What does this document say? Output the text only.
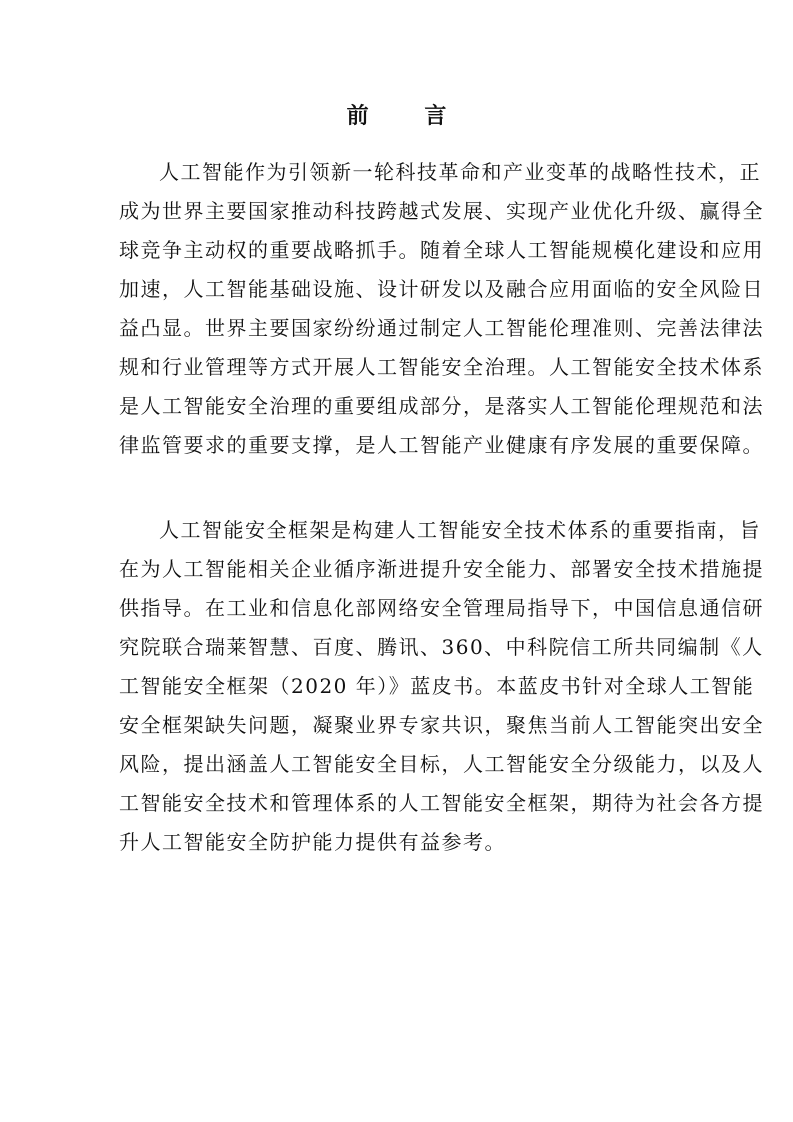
前 言
人工智能作为引领新一轮科技革命和产业变革的战略性技术，正
成为世界主要国家推动科技跨越式发展、实现产业优化升级、赢得全
球竞争主动权的重要战略抓手。随着全球人工智能规模化建设和应用
加速，人工智能基础设施、设计研发以及融合应用面临的安全风险日
益凸显。世界主要国家纷纷通过制定人工智能伦理准则、完善法律法
规和行业管理等方式开展人工智能安全治理。人工智能安全技术体系
是人工智能安全治理的重要组成部分，是落实人工智能伦理规范和法
律监管要求的重要支撑，是人工智能产业健康有序发展的重要保障。
人工智能安全框架是构建人工智能安全技术体系的重要指南，旨
在为人工智能相关企业循序渐进提升安全能力、部署安全技术措施提
供指导。在工业和信息化部网络安全管理局指导下，中国信息通信研
究院联合瑞莱智慧、百度、腾讯、360、中科院信工所共同编制《人
工智能安全框架（2020 年）》蓝皮书。本蓝皮书针对全球人工智能
安全框架缺失问题，凝聚业界专家共识，聚焦当前人工智能突出安全
风险，提出涵盖人工智能安全目标，人工智能安全分级能力，以及人
工智能安全技术和管理体系的人工智能安全框架，期待为社会各方提
升人工智能安全防护能力提供有益参考。
